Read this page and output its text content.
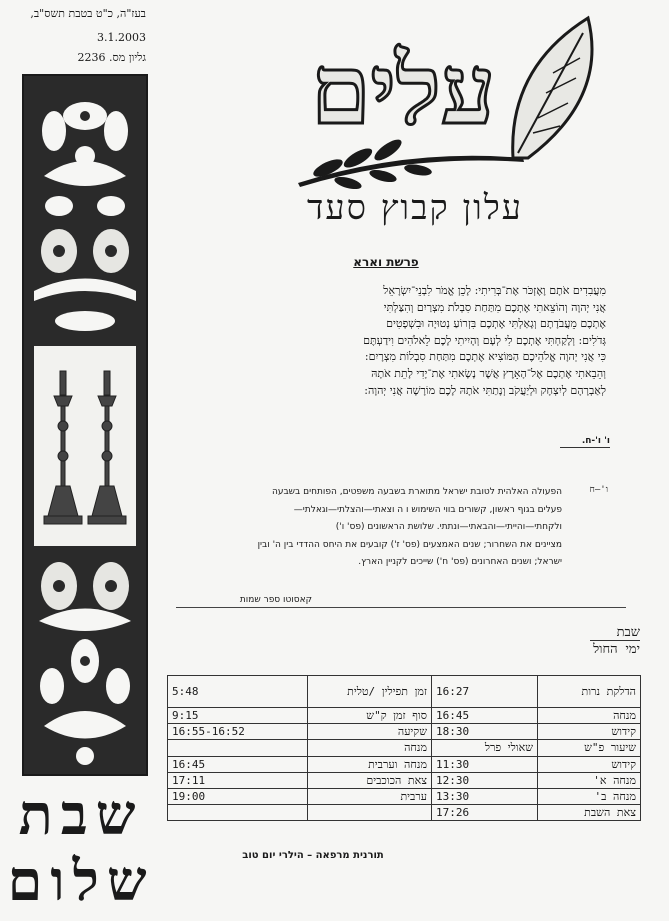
בעז"ה, כ"ט בטבת תשס"ב,
3.1.2003
גליון מס. 2236
שבת
שלום
עלים
עלון קבוץ סעד
פרשת וארא
מִעֲבִדִים אֹתָם וָאֶזְכֹּר אֶת־בְּרִיתִי: לָכֵן אֱמֹר לִבְנֵי־יִשְׂרָאֵל
אֲנִי יְהוָה וְהוֹצֵאתִי אֶתְכֶם מִתַּחַת סִבְלֹת מִצְרַיִם וְהִצַּלְתִּי
אֶתְכֶם מֵעֲבֹדָתָם וְגָאַלְתִּי אֶתְכֶם בִּזְרוֹעַ נְטוּיָה וּבִשְׁפָטִים
גְּדֹלִים: וְלָקַחְתִּי אֶתְכֶם לִי לְעָם וְהָיִיתִי לָכֶם לֵאלֹהִים וִידַעְתֶּם
כִּי אֲנִי יְהוָה אֱלֹהֵיכֶם הַמּוֹצִיא אֶתְכֶם מִתַּחַת סִבְלוֹת מִצְרָיִם:
וְהֵבֵאתִי אֶתְכֶם אֶל־הָאָרֶץ אֲשֶׁר נָשָׂאתִי אֶת־יָדִי לָתֵת אֹתָהּ
לְאַבְרָהָם לְיִצְחָק וּלְיַעֲקֹב וְנָתַתִּי אֹתָהּ לָכֶם מוֹרָשָׁה אֲנִי יְהוָה:
ו' ו'-ח.
ו'–ח
הפעולה האלהית לטובת ישראל מתוארת בשבעה משפטים, הפותחים בשבעה
פעלים בגוף ראשון, קשורים בווי השימוש ו ה וצאתי—והצלתי—וגאלתי—
ולקחתי—והייתי—והבאתי—ונתתי. שלושת הראשונים (פס' ו')
מציינים את השחרור; שנים האמצעים (פס' ז') קובעים את היחס ההדדי בין ה' ובין
ישראל; ושנים האחרונים (פס' ח') שייכים לקניין הארץ.
קאסוטו ספר שמות
שבת
ימי החול
הדלקת נרות	16:27	זמן תפילין /טלית	5:48
מנחה	16:45	סוף זמן ק"ש	9:15
קידוש	18:30	שקיעה	16:55-16:52
שיעור פ"ש	שאולי פרל	מנחה	
קידוש	11:30	מנחה וערבית	16:45
מנחה א'	12:30	צאת הכוכבים	17:11
מנחה ב'	13:30	ערבית	19:00
צאת השבת	17:26		
תורנית מרפאה – הילרי יום טוב
